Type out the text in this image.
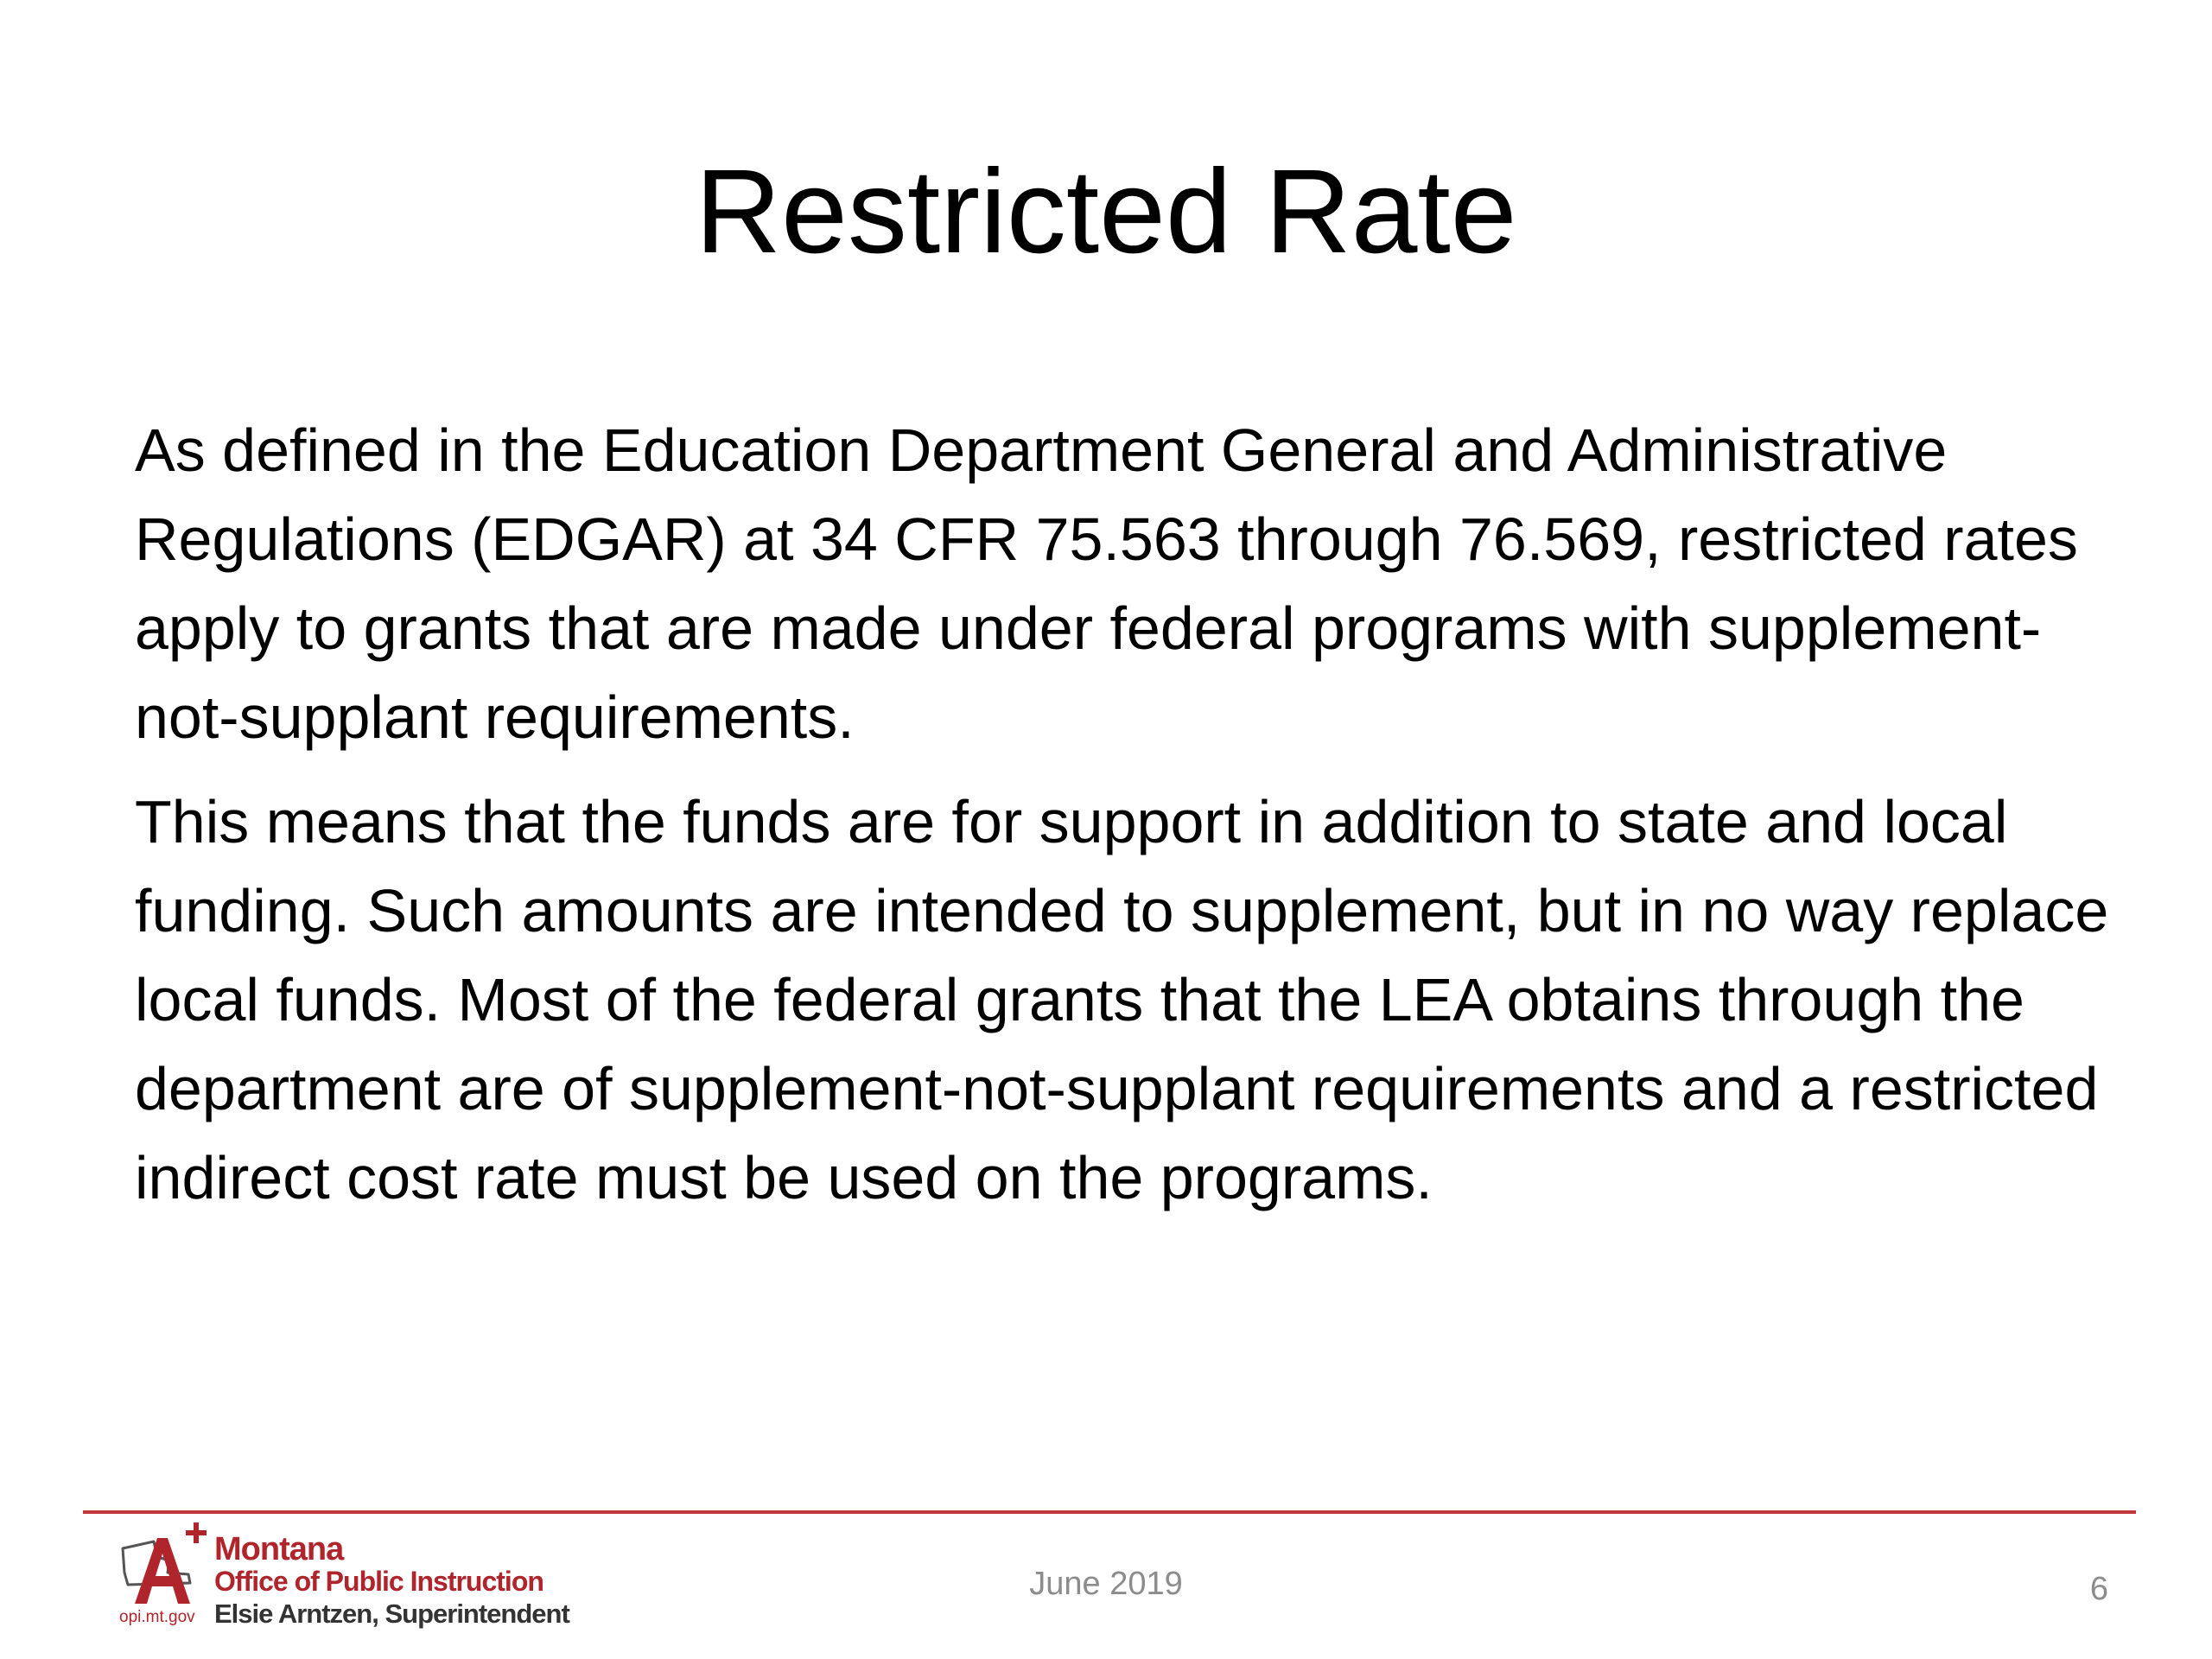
Restricted Rate

As defined in the Education Department General and Administrative Regulations (EDGAR) at 34 CFR 75.563 through 76.569, restricted rates apply to grants that are made under federal programs with supplement-not-supplant requirements.

This means that the funds are for support in addition to state and local funding. Such amounts are intended to supplement, but in no way replace local funds. Most of the federal grants that the LEA obtains through the department are of supplement-not-supplant requirements and a restricted indirect cost rate must be used on the programs.

Montana
Office of Public Instruction
Elsie Arntzen, Superintendent
opi.mt.gov
June 2019	6
